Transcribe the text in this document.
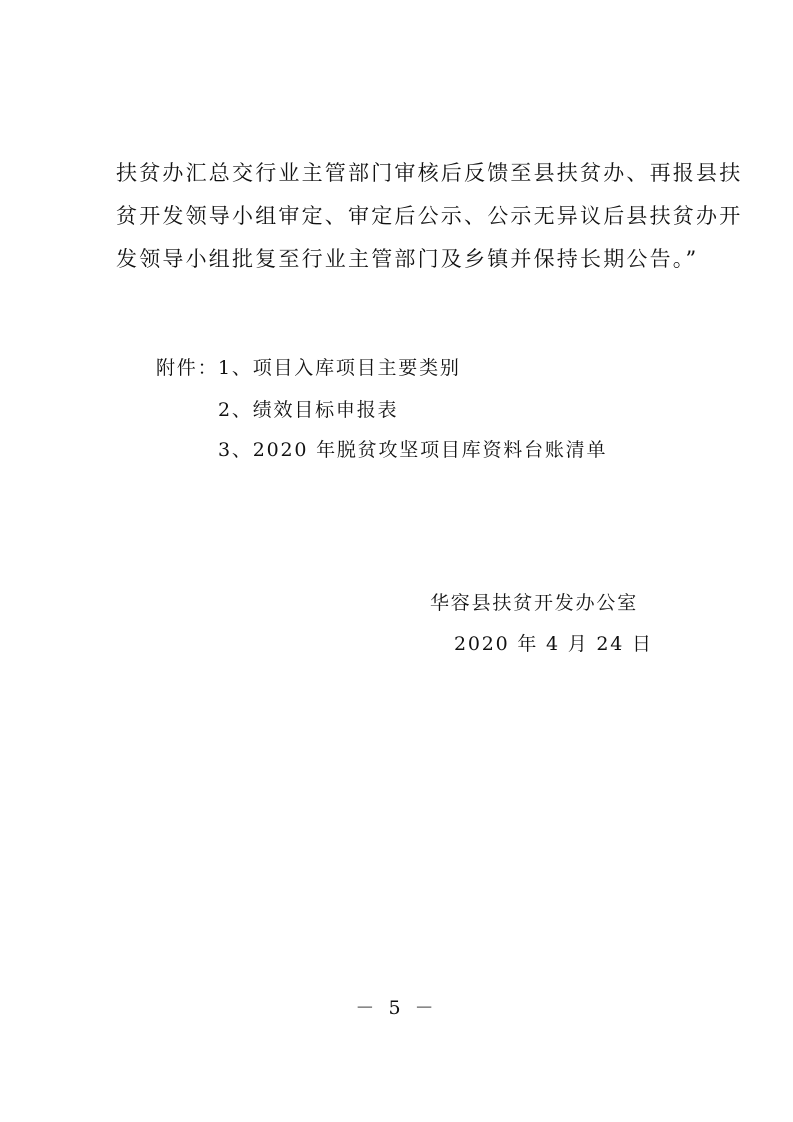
扶贫办汇总交行业主管部门审核后反馈至县扶贫办、再报县扶
贫开发领导小组审定、审定后公示、公示无异议后县扶贫办开
发领导小组批复至行业主管部门及乡镇并保持长期公告。”
附件： 1、项目入库项目主要类别
2、绩效目标申报表
3、2020 年脱贫攻坚项目库资料台账清单
华容县扶贫开发办公室
2020 年 4 月 24 日
－ 5 －
